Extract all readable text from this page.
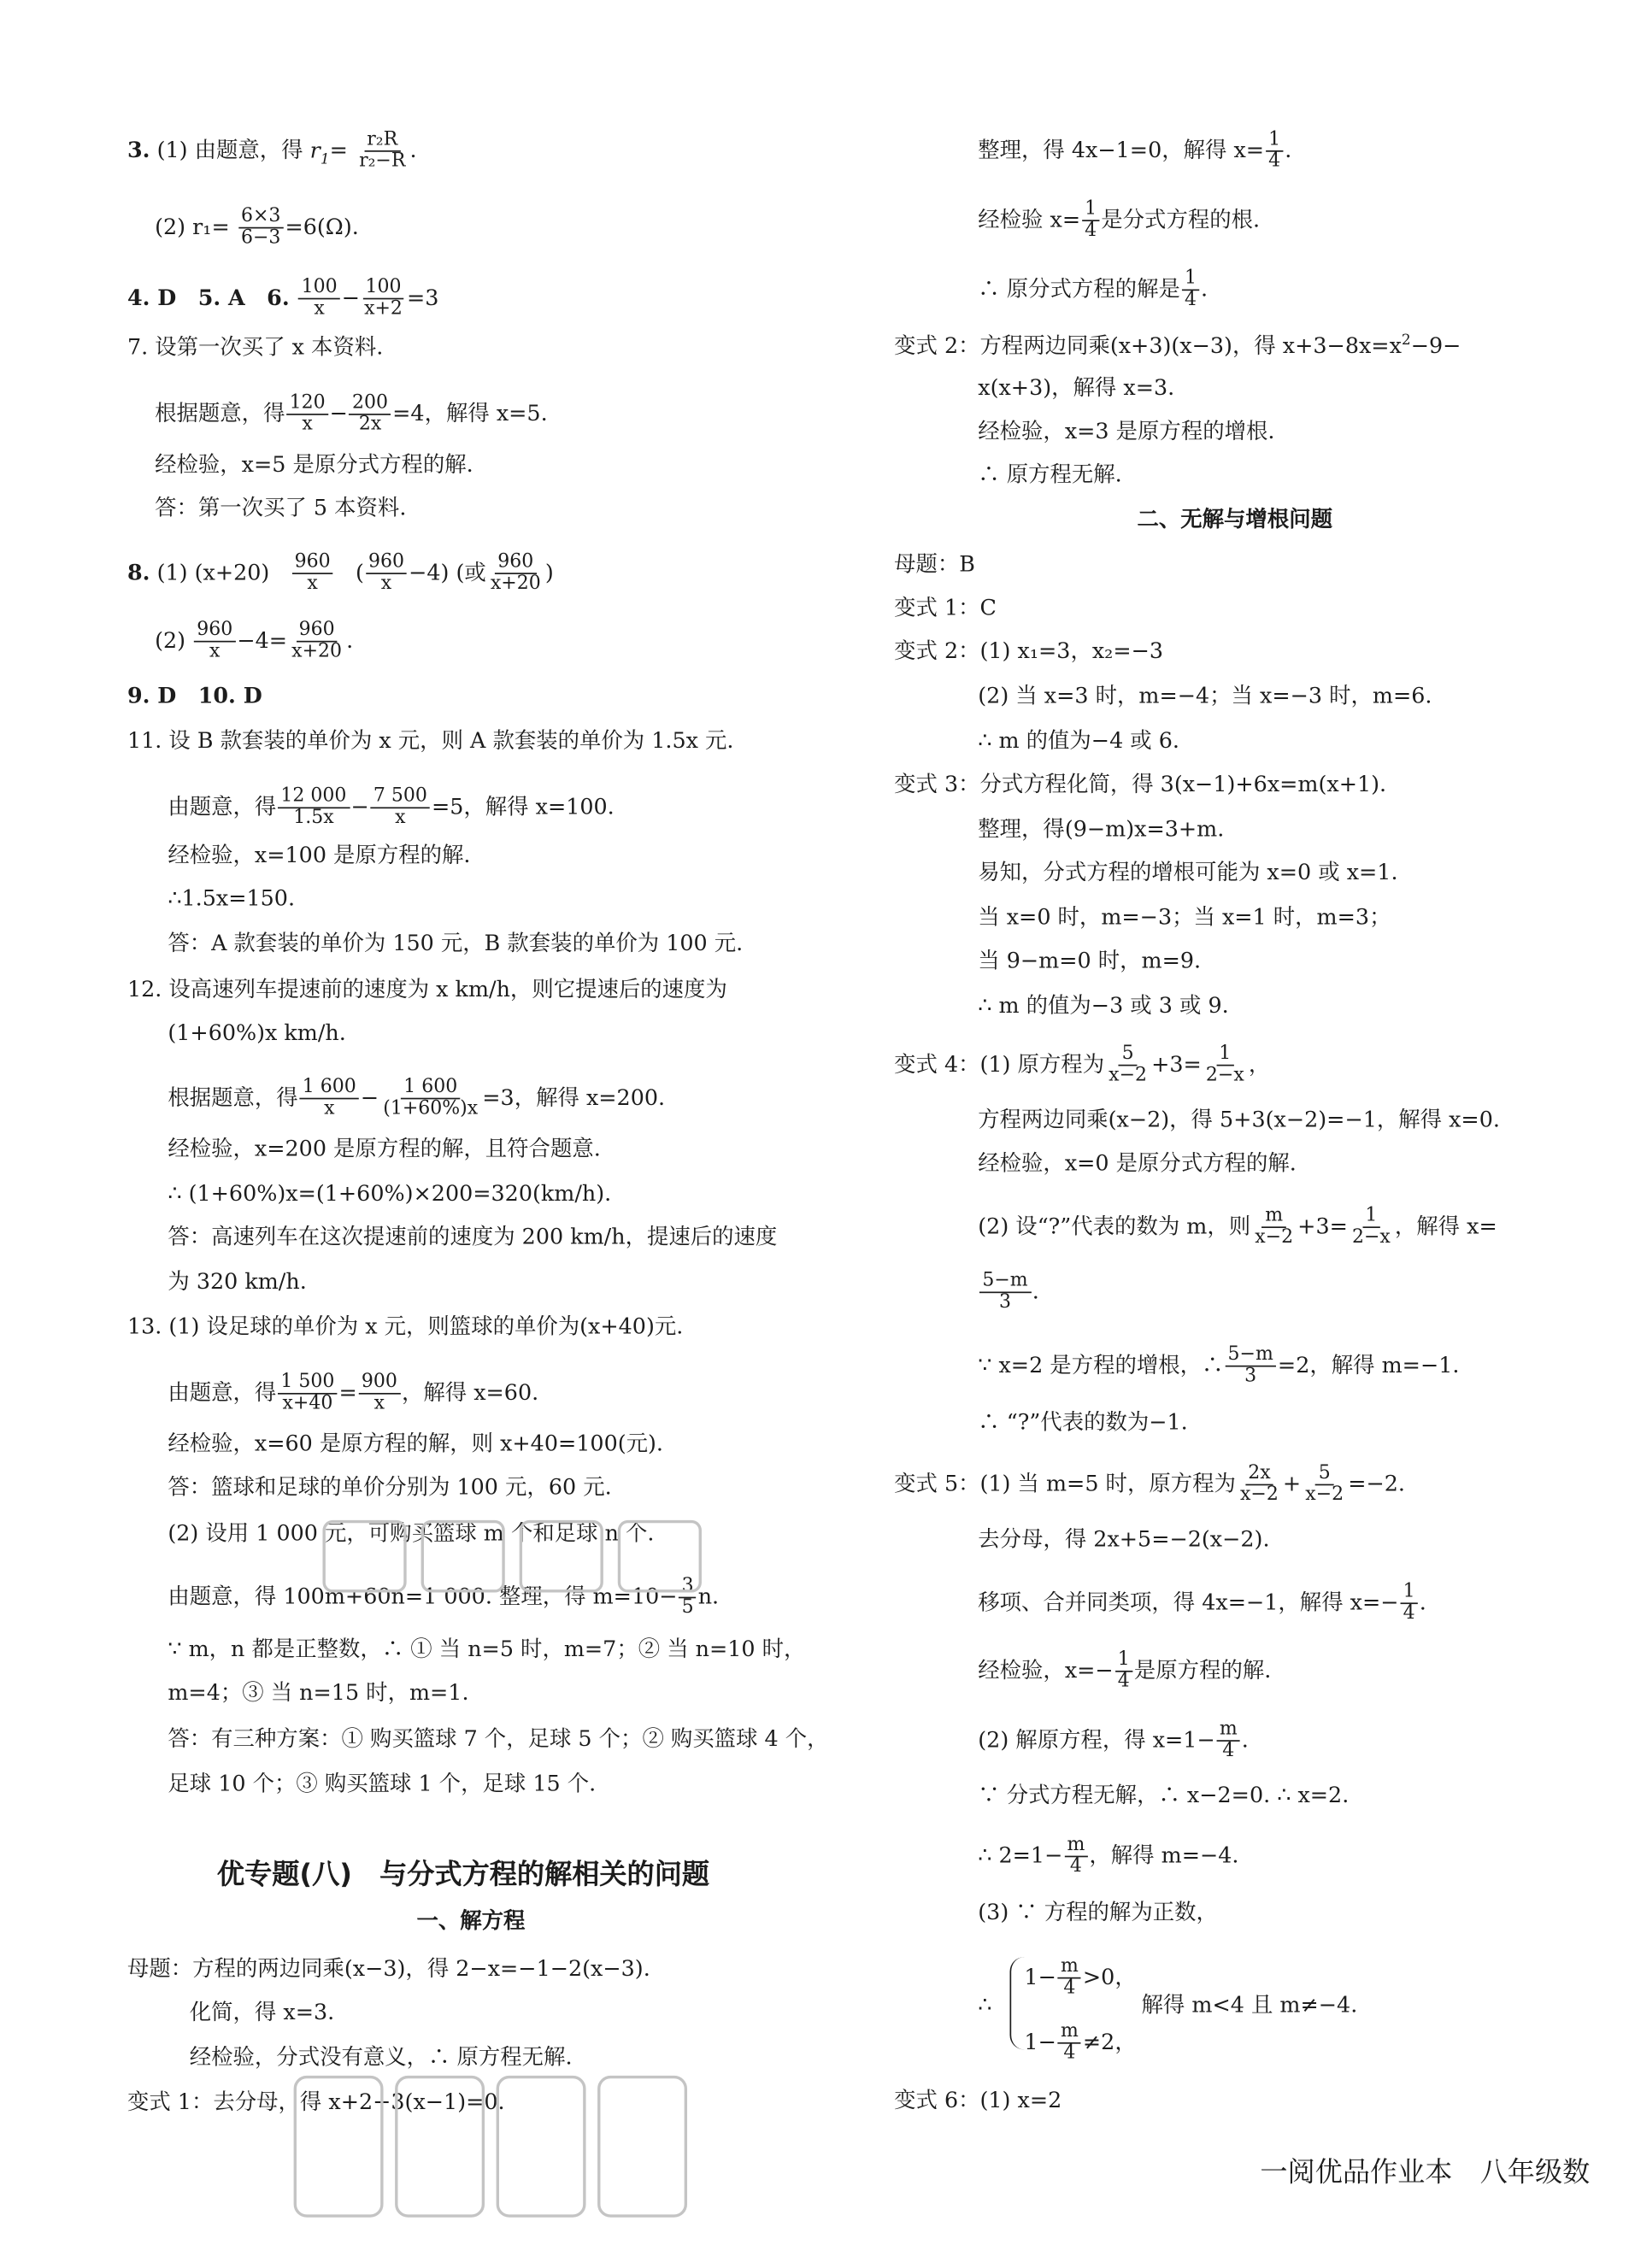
3. (1) 由题意，得 $r_1= \frac{\text{r₂R}}{\text{r₂−R}}$ .
(2) $r_1= \frac{6\times 3}{6-3} =6(\Omega)$.
4. D　5. A　6. $\frac{100}{x} - \frac{100}{x+2} =3$
7. 设第一次买了 x 本资料.
根据题意，得 $\frac{120}{x} - \frac{200}{2x} =4$，解得 x=5.
经检验，x=5 是原分式方程的解.
答：第一次买了 5 本资料.
8. (1) $(x+20) \frac{960}{x}$ ( $\frac{960}{x} -4$) (或 $\frac{960}{x+20}$ )
$(2) \frac{960}{x} -4= \frac{960}{x+20}$ .
9. D　10. D
11. 设 B 款套装的单价为 x 元，则 A 款套装的单价为 1.5x 元.
由题意，得 $\frac{12 000}{1.5x} - \frac{7 500}{x} =5$，解得 x=100.
经检验，x=100 是原方程的解.
∴1.5x=150.
答：A 款套装的单价为 150 元，B 款套装的单价为 100 元.
12. 设高速列车提速前的速度为 x km/h，则它提速后的速度为
(1+60%)x km/h.
根据题意，得 $\frac{1 600}{x} - \frac{1 600}{(1+60\%)x} =3$，解得 x=200.
经检验，x=200 是原方程的解，且符合题意.
∴ (1+60%)x=(1+60%)×200=320(km/h).
答：高速列车在这次提速前的速度为 200 km/h，提速后的速度
为 320 km/h.
13. (1) 设足球的单价为 x 元，则篮球的单价为(x+40)元.
由题意，得 $\frac{1 500}{x+40} = \frac{900}{x}$ ，解得 x=60.
经检验，x=60 是原方程的解，则 x+40=100(元).
答：篮球和足球的单价分别为 100 元，60 元.
(2) 设用 1 000 元，可购买篮球 m 个和足球 n 个.
由题意，得 100m+60n=1 000. 整理，得 $m=10- \frac{3}{5} n$.
∵ m，n 都是正整数，∴ ① 当 n=5 时，m=7；② 当 n=10 时，
m=4；③ 当 n=15 时，m=1.
答：有三种方案：① 购买篮球 7 个，足球 5 个；② 购买篮球 4 个，
足球 10 个；③ 购买篮球 1 个，足球 15 个.
优专题(八)　与分式方程的解相关的问题
一、解方程
母题：方程的两边同乘(x−3)，得 2−x=−1−2(x−3).
化简，得 x=3.
经检验，分式没有意义，∴ 原方程无解.
变式 1：去分母，得 x+2+3(x−1)=0.
整理，得 4x−1=0，解得 $x= \frac{1}{4}$ .
经检验 $x= \frac{1}{4}$ 是分式方程的根.
∴ 原分式方程的解是 $\frac{1}{4}$ .
变式 2：方程两边同乘(x+3)(x−3)，得 $x+3-8x=x^2-9-$
x(x+3)，解得 x=3.
经检验，x=3 是原方程的增根.
∴ 原方程无解.
二、无解与增根问题
母题：B
变式 1：C
变式 2：(1) x₁=3，x₂=−3
(2) 当 x=3 时，m=−4；当 x=−3 时，m=6.
∴ m 的值为−4 或 6.
变式 3：分式方程化简，得 3(x−1)+6x=m(x+1).
整理，得(9−m)x=3+m.
易知，分式方程的增根可能为 x=0 或 x=1.
当 x=0 时，m=−3；当 x=1 时，m=3；
当 9−m=0 时，m=9.
∴ m 的值为−3 或 3 或 9.
变式 4：(1) 原方程为 $\frac{5}{x-2} +3= \frac{1}{2-x}$ ，
方程两边同乘(x−2)，得 5+3(x−2)=−1，解得 x=0.
经检验，x=0 是原分式方程的解.
(2) 设“?”代表的数为 m，则 $\frac{m}{x-2} +3= \frac{1}{2-x}$ ，解得 x=
$\frac{5-m}{3}$ .
∵ x=2 是方程的增根，∴ $\frac{5-m}{3} =2$，解得 m=−1.
∴ “?”代表的数为−1.
变式 5：(1) 当 m=5 时，原方程为 $\frac{2x}{x-2} + \frac{5}{x-2} =-2$.
去分母，得 2x+5=−2(x−2).
移项、合并同类项，得 4x=−1，解得 $x=- \frac{1}{4}$ .
经检验，$x=- \frac{1}{4}$ 是原方程的解.
(2) 解原方程，得 $x=1- \frac{m}{4}$ .
∵ 分式方程无解，∴ x−2=0. ∴ x=2.
∴ $2=1- \frac{m}{4}$ ，解得 m=−4.
(3) ∵ 方程的解为正数，
∴
$1- \frac{m}{4} >0$，
$1- \frac{m}{4} \ne 2$，
解得 m<4 且 m≠−4.
变式 6：(1) x=2
一阅优品作业本　八年级数
